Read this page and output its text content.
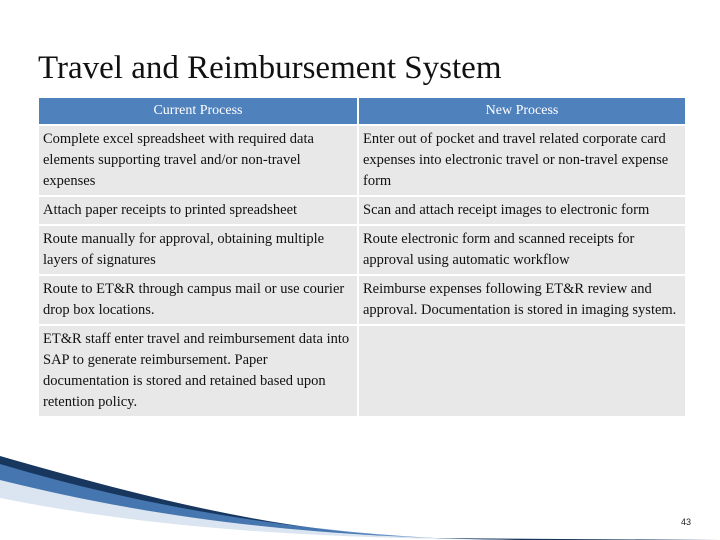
Travel and Reimbursement System
Current Process	New Process
Complete excel spreadsheet with required data elements supporting travel and/or non-travel expenses	Enter out of pocket and travel related corporate card expenses into electronic travel or non-travel expense form
Attach paper receipts to printed spreadsheet	Scan and attach receipt images to electronic form
Route manually for approval, obtaining multiple layers of signatures	Route electronic form and scanned receipts for approval using automatic workflow
Route to ET&R through campus mail or use courier drop box locations.	Reimburse expenses following ET&R review and approval. Documentation is stored in imaging system.
ET&R staff enter travel and reimbursement data into SAP to generate reimbursement. Paper documentation is stored and retained based upon retention policy.	
43
